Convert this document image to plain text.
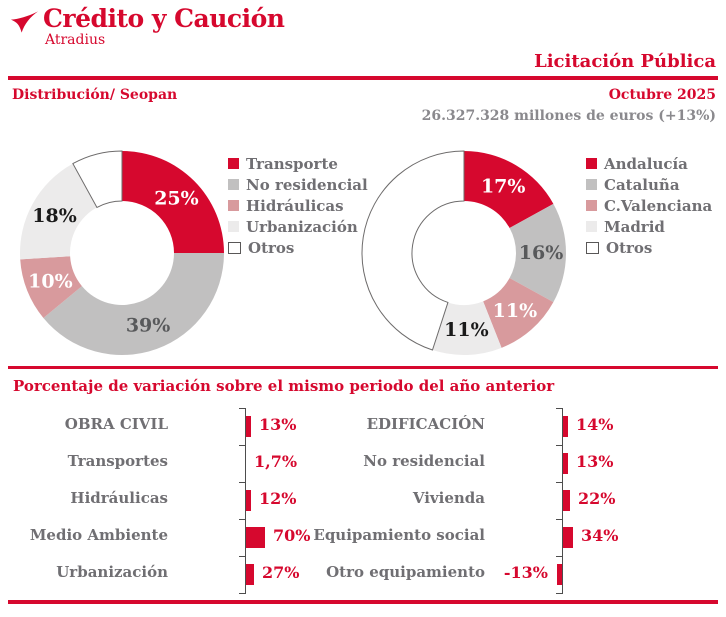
Crédito y Caución
Atradius
Licitación Pública
Distribución/ Seopan	Octubre 2025
26.327.328 millones de euros (+13%)
25%
39%
10%
18%
Transporte
No residencial
Hidráulicas
Urbanización
Otros
17%
16%
11%
11%
Andalucía
Cataluña
C.Valenciana
Madrid
Otros
Porcentaje de variación sobre el mismo periodo del año anterior
OBRA CIVIL	13%
Transportes	1,7%
Hidráulicas	12%
Medio Ambiente	70%
Urbanización	27%
EDIFICACIÓN	14%
No residencial	13%
Vivienda	22%
Equipamiento social	34%
Otro equipamiento -13%
